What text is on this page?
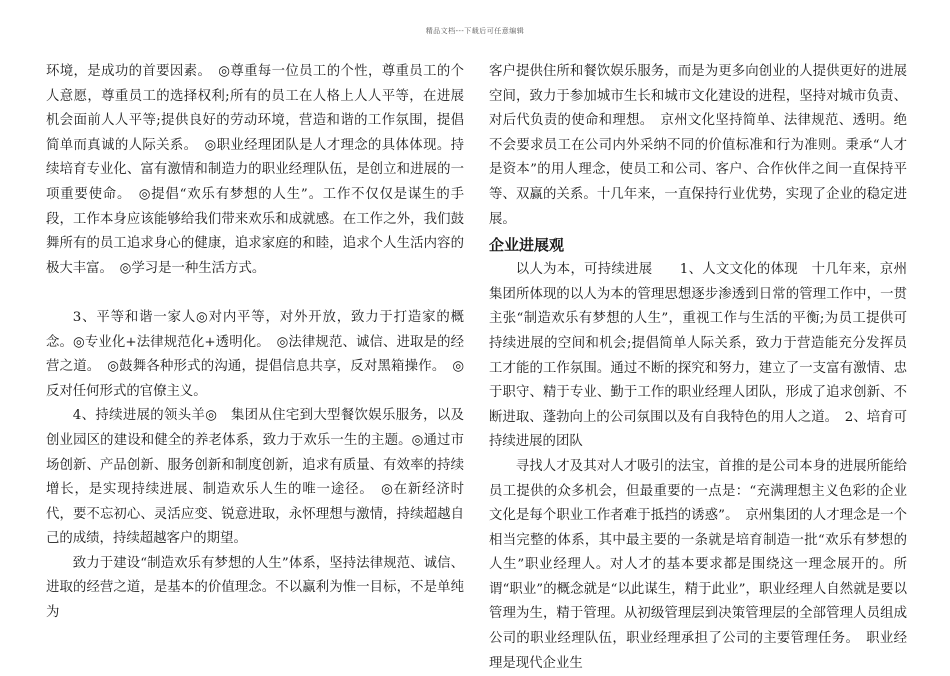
精品文档---下载后可任意编辑

环境，是成功的首要因素。　◎尊重每一位员工的个性，尊重员工的个人意愿，尊重员工的选择权利;所有的员工在人格上人人平等，在进展机会面前人人平等;提供良好的劳动环境，营造和谐的工作氛围，提倡简单而真诚的人际关系。　◎职业经理团队是人才理念的具体体现。持续培育专业化、富有激情和制造力的职业经理队伍，是创立和进展的一项重要使命。　◎提倡“欢乐有梦想的人生”。工作不仅仅是谋生的手段，工作本身应该能够给我们带来欢乐和成就感。在工作之外，我们鼓舞所有的员工追求身心的健康，追求家庭的和睦，追求个人生活内容的极大丰富。　◎学习是一种生活方式。

3、平等和谐一家人◎对内平等，对外开放，致力于打造家的概念。◎专业化+法律规范化+透明化。　◎法律规范、诚信、进取是的经营之道。　◎鼓舞各种形式的沟通，提倡信息共享，反对黑箱操作。　◎反对任何形式的官僚主义。

4、持续进展的领头羊◎　集团从住宅到大型餐饮娱乐服务，以及创业园区的建设和健全的养老体系，致力于欢乐一生的主题。◎通过市场创新、产品创新、服务创新和制度创新，追求有质量、有效率的持续增长，是实现持续进展、制造欢乐人生的唯一途径。　◎在新经济时代，要不忘初心、灵活应变、锐意进取，永怀理想与激情，持续超越自己的成绩，持续超越客户的期望。

致力于建设“制造欢乐有梦想的人生”体系，坚持法律规范、诚信、进取的经营之道，是基本的价值理念。不以赢利为惟一目标，不是单纯为

客户提供住所和餐饮娱乐服务，而是为更多向创业的人提供更好的进展空间，致力于参加城市生长和城市文化建设的进程，坚持对城市负责、对后代负责的使命和理想。　京州文化坚持简单、法律规范、透明。绝不会要求员工在公司内外采纳不同的价值标准和行为准则。秉承“人才是资本”的用人理念，使员工和公司、客户、合作伙伴之间一直保持平等、双赢的关系。十几年来，一直保持行业优势，实现了企业的稳定进展。

企业进展观

以人为本，可持续进展　　1、人文文化的体现　十几年来，京州集团所体现的以人为本的管理思想逐步渗透到日常的管理工作中，一贯主张“制造欢乐有梦想的人生”，重视工作与生活的平衡;为员工提供可持续进展的空间和机会;提倡简单人际关系，致力于营造能充分发挥员工才能的工作氛围。通过不断的探究和努力，建立了一支富有激情、忠于职守、精于专业、勤于工作的职业经理人团队，形成了追求创新、不断进取、蓬勃向上的公司氛围以及有自我特色的用人之道。　2、培育可持续进展的团队

寻找人才及其对人才吸引的法宝，首推的是公司本身的进展所能给员工提供的众多机会，但最重要的一点是：“充满理想主义色彩的企业文化是每个职业工作者难于抵挡的诱惑”。　京州集团的人才理念是一个相当完整的体系，其中最主要的一条就是培育制造一批“欢乐有梦想的人生”职业经理人。对人才的基本要求都是围绕这一理念展开的。所谓“职业”的概念就是“以此谋生，精于此业”，职业经理人自然就是要以管理为生，精于管理。从初级管理层到决策管理层的全部管理人员组成公司的职业经理队伍，职业经理承担了公司的主要管理任务。　职业经理是现代企业生
